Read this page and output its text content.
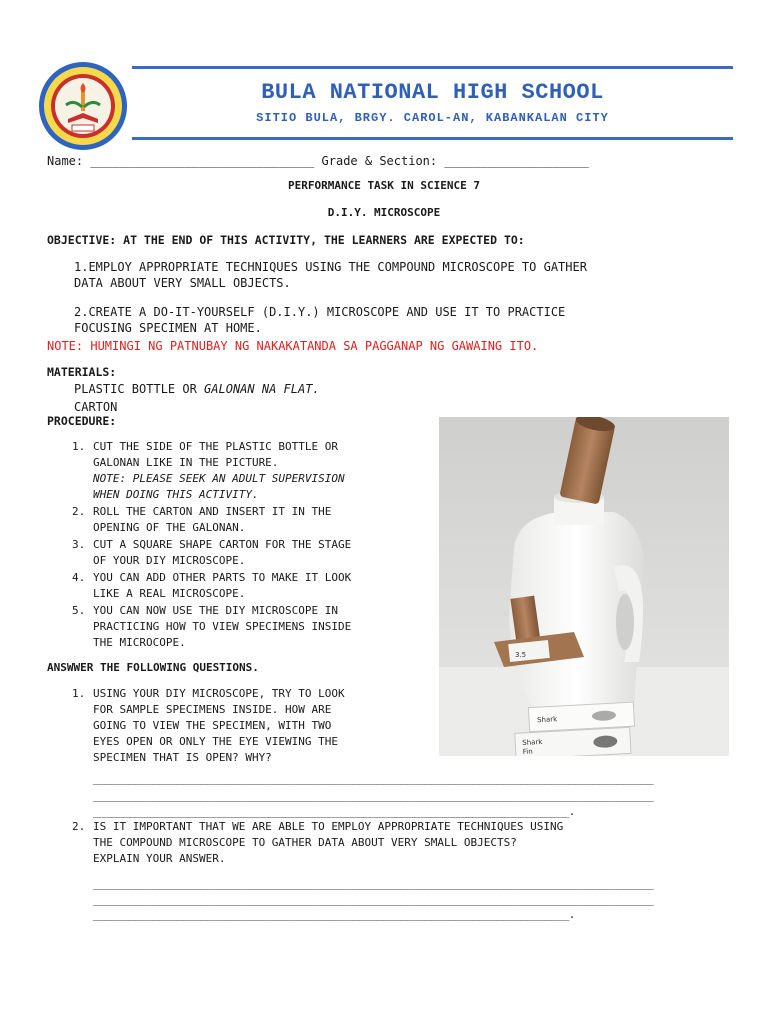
BULA NATIONAL HIGH SCHOOL
SITIO BULA, BRGY. CAROL-AN, KABANKALAN CITY
Name: _______________________________ Grade & Section: ____________________
PERFORMANCE TASK IN SCIENCE 7
D.I.Y. MICROSCOPE
OBJECTIVE: AT THE END OF THIS ACTIVITY, THE LEARNERS ARE EXPECTED TO:
1.EMPLOY APPROPRIATE TECHNIQUES USING THE COMPOUND MICROSCOPE TO GATHER
DATA ABOUT VERY SMALL OBJECTS.
2.CREATE A DO-IT-YOURSELF (D.I.Y.) MICROSCOPE AND USE IT TO PRACTICE
FOCUSING SPECIMEN AT HOME.
NOTE: HUMINGI NG PATNUBAY NG NAKAKATANDA SA PAGGANAP NG GAWAING ITO.
MATERIALS:
PLASTIC BOTTLE OR GALONAN NA FLAT.
CARTON
PROCEDURE:
1. CUT THE SIDE OF THE PLASTIC BOTTLE OR
GALONAN LIKE IN THE PICTURE.
NOTE: PLEASE SEEK AN ADULT SUPERVISION
WHEN DOING THIS ACTIVITY.
2. ROLL THE CARTON AND INSERT IT IN THE
OPENING OF THE GALONAN.
3. CUT A SQUARE SHAPE CARTON FOR THE STAGE
OF YOUR DIY MICROSCOPE.
4. YOU CAN ADD OTHER PARTS TO MAKE IT LOOK
LIKE A REAL MICROSCOPE.
5. YOU CAN NOW USE THE DIY MICROSCOPE IN
PRACTICING HOW TO VIEW SPECIMENS INSIDE
THE MICROCOPE.
ANSWWER THE FOLLOWING QUESTIONS.
1. USING YOUR DIY MICROSCOPE, TRY TO LOOK
FOR SAMPLE SPECIMENS INSIDE. HOW ARE
GOING TO VIEW THE SPECIMEN, WITH TWO
EYES OPEN OR ONLY THE EYE VIEWING THE
SPECIMEN THAT IS OPEN? WHY?
_____________________________________________________________________________________________
_____________________________________________________________________________________________
_______________________________________________________________________________.
2. IS IT IMPORTANT THAT WE ARE ABLE TO EMPLOY APPROPRIATE TECHNIQUES USING
THE COMPOUND MICROSCOPE TO GATHER DATA ABOUT VERY SMALL OBJECTS?
EXPLAIN YOUR ANSWER.
_____________________________________________________________________________________________
_____________________________________________________________________________________________
_______________________________________________________________________________.
3.5
Shark
Shark
Fin
